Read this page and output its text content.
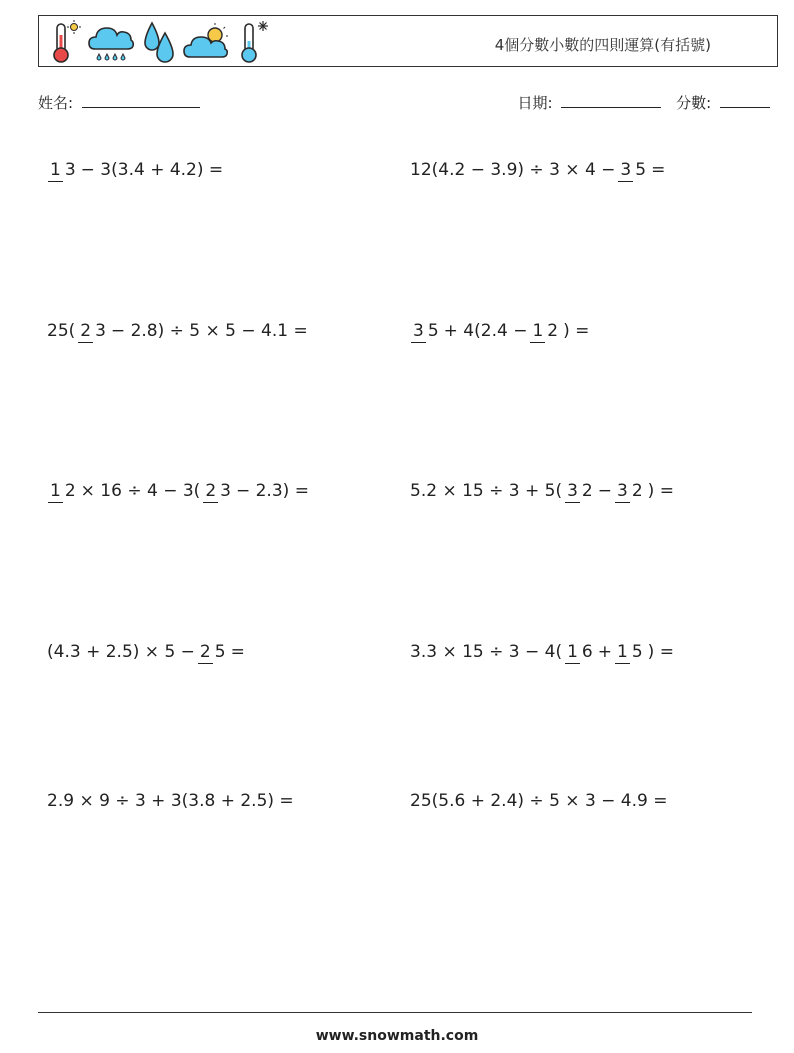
4個分數小數的四則運算(有括號)
姓名:	日期:	分數:
1 3 − 3(3.4 + 4.2) =	12(4.2 − 3.9) ÷ 3 × 4 − 3 5 =
25( 2 3 − 2.8) ÷ 5 × 5 − 4.1 =	3 5 + 4(2.4 − 1 2 ) =
1 2 × 16 ÷ 4 − 3( 2 3 − 2.3) =	5.2 × 15 ÷ 3 + 5( 3 2 − 3 2 ) =
(4.3 + 2.5) × 5 − 2 5 =	3.3 × 15 ÷ 3 − 4( 1 6 + 1 5 ) =
2.9 × 9 ÷ 3 + 3(3.8 + 2.5) =	25(5.6 + 2.4) ÷ 5 × 3 − 4.9 =
www.snowmath.com
